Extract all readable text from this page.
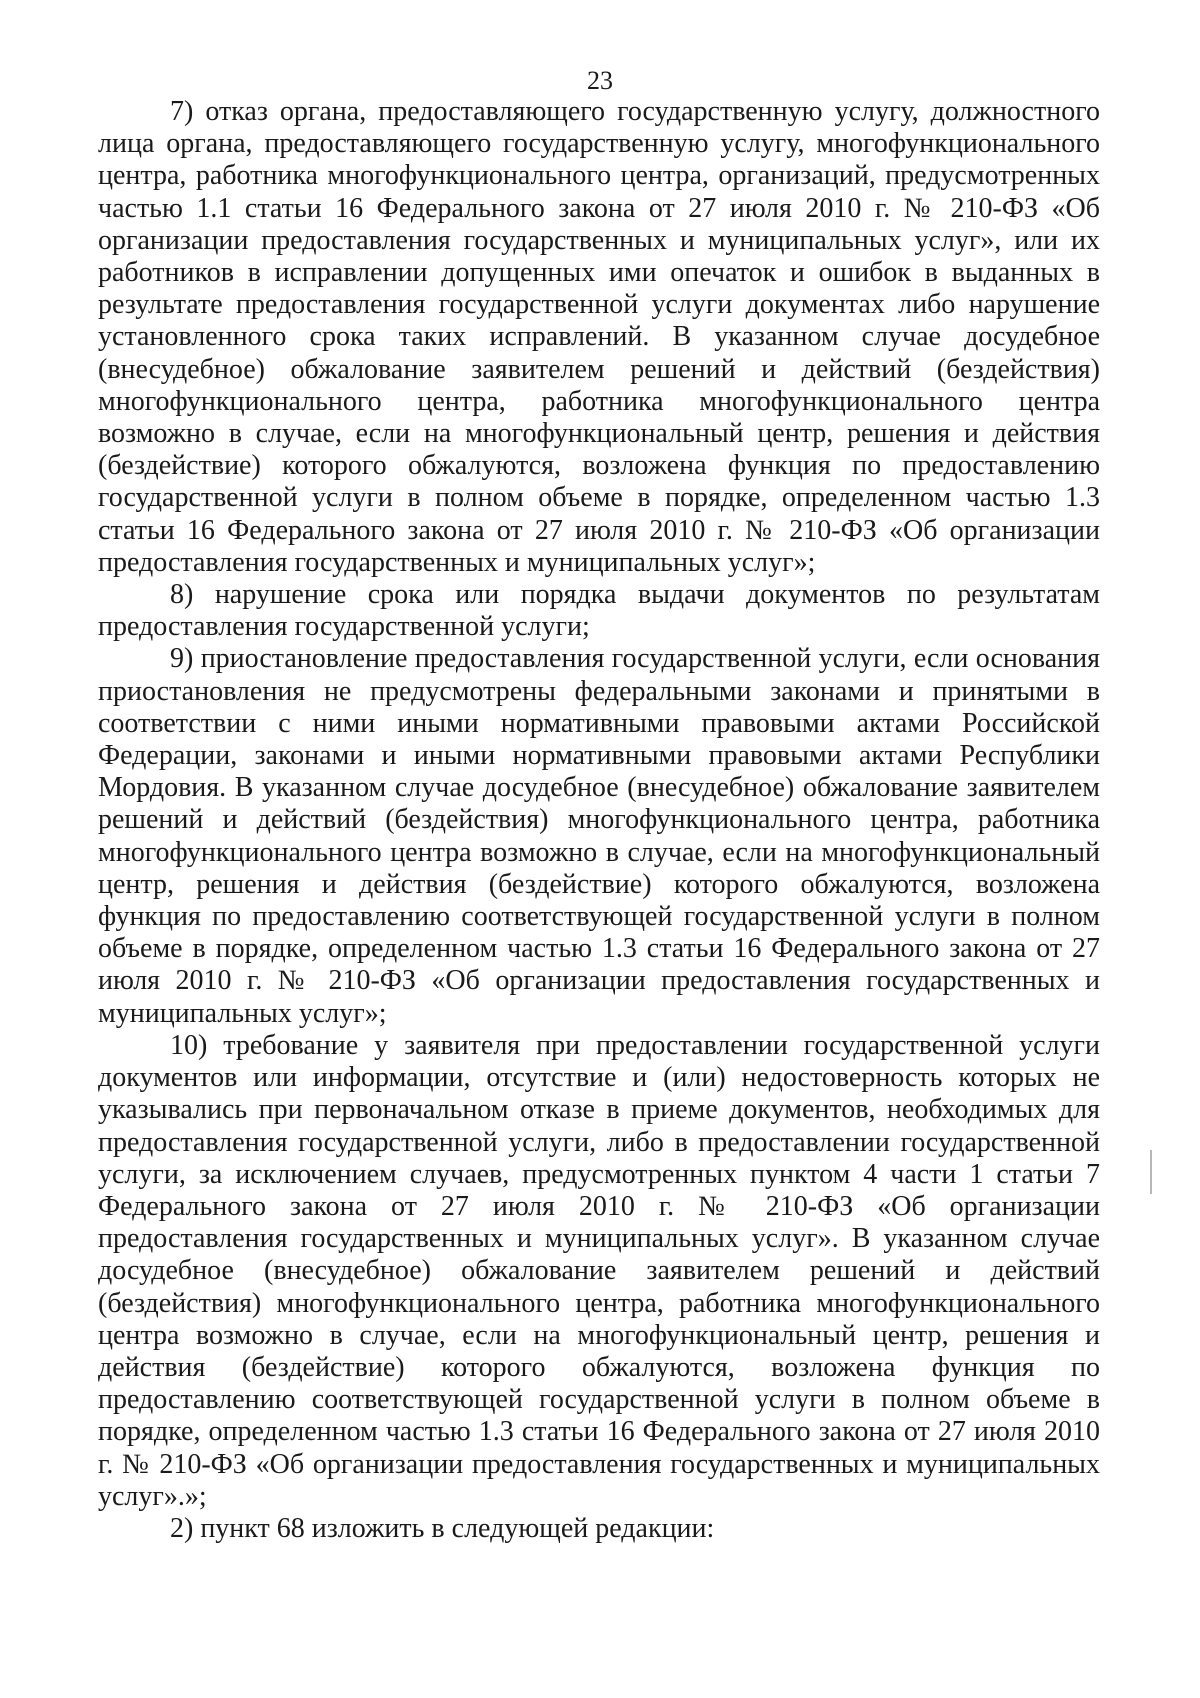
23

7) отказ органа, предоставляющего государственную услугу, должностного лица органа, предоставляющего государственную услугу, многофункционального центра, работника многофункционального центра, организаций, предусмотренных частью 1.1 статьи 16 Федерального закона от 27 июля 2010 г. № 210-ФЗ «Об организации предоставления государственных и муниципальных услуг», или их работников в исправлении допущенных ими опечаток и ошибок в выданных в результате предоставления государственной услуги документах либо нарушение установленного срока таких исправлений. В указанном случае досудебное (внесудебное) обжалование заявителем решений и действий (бездействия) многофункционального центра, работника многофункционального центра возможно в случае, если на многофункциональный центр, решения и действия (бездействие) которого обжалуются, возложена функция по предоставлению государственной услуги в полном объеме в порядке, определенном частью 1.3 статьи 16 Федерального закона от 27 июля 2010 г. № 210-ФЗ «Об организации предоставления государственных и муниципальных услуг»;

8) нарушение срока или порядка выдачи документов по результатам предоставления государственной услуги;

9) приостановление предоставления государственной услуги, если основания приостановления не предусмотрены федеральными законами и принятыми в соответствии с ними иными нормативными правовыми актами Российской Федерации, законами и иными нормативными правовыми актами Республики Мордовия. В указанном случае досудебное (внесудебное) обжалование заявителем решений и действий (бездействия) многофункционального центра, работника многофункционального центра возможно в случае, если на многофункциональный центр, решения и действия (бездействие) которого обжалуются, возложена функция по предоставлению соответствующей государственной услуги в полном объеме в порядке, определенном частью 1.3 статьи 16 Федерального закона от 27 июля 2010 г. № 210-ФЗ «Об организации предоставления государственных и муниципальных услуг»;

10) требование у заявителя при предоставлении государственной услуги документов или информации, отсутствие и (или) недостоверность которых не указывались при первоначальном отказе в приеме документов, необходимых для предоставления государственной услуги, либо в предоставлении государственной услуги, за исключением случаев, предусмотренных пунктом 4 части 1 статьи 7 Федерального закона от 27 июля 2010 г. № 210-ФЗ «Об организации предоставления государственных и муниципальных услуг». В указанном случае досудебное (внесудебное) обжалование заявителем решений и действий (бездействия) многофункционального центра, работника многофункционального центра возможно в случае, если на многофункциональный центр, решения и действия (бездействие) которого обжалуются, возложена функция по предоставлению соответствующей государственной услуги в полном объеме в порядке, определенном частью 1.3 статьи 16 Федерального закона от 27 июля 2010 г. № 210-ФЗ «Об организации предоставления государственных и муниципальных услуг».»;

2) пункт 68 изложить в следующей редакции:
